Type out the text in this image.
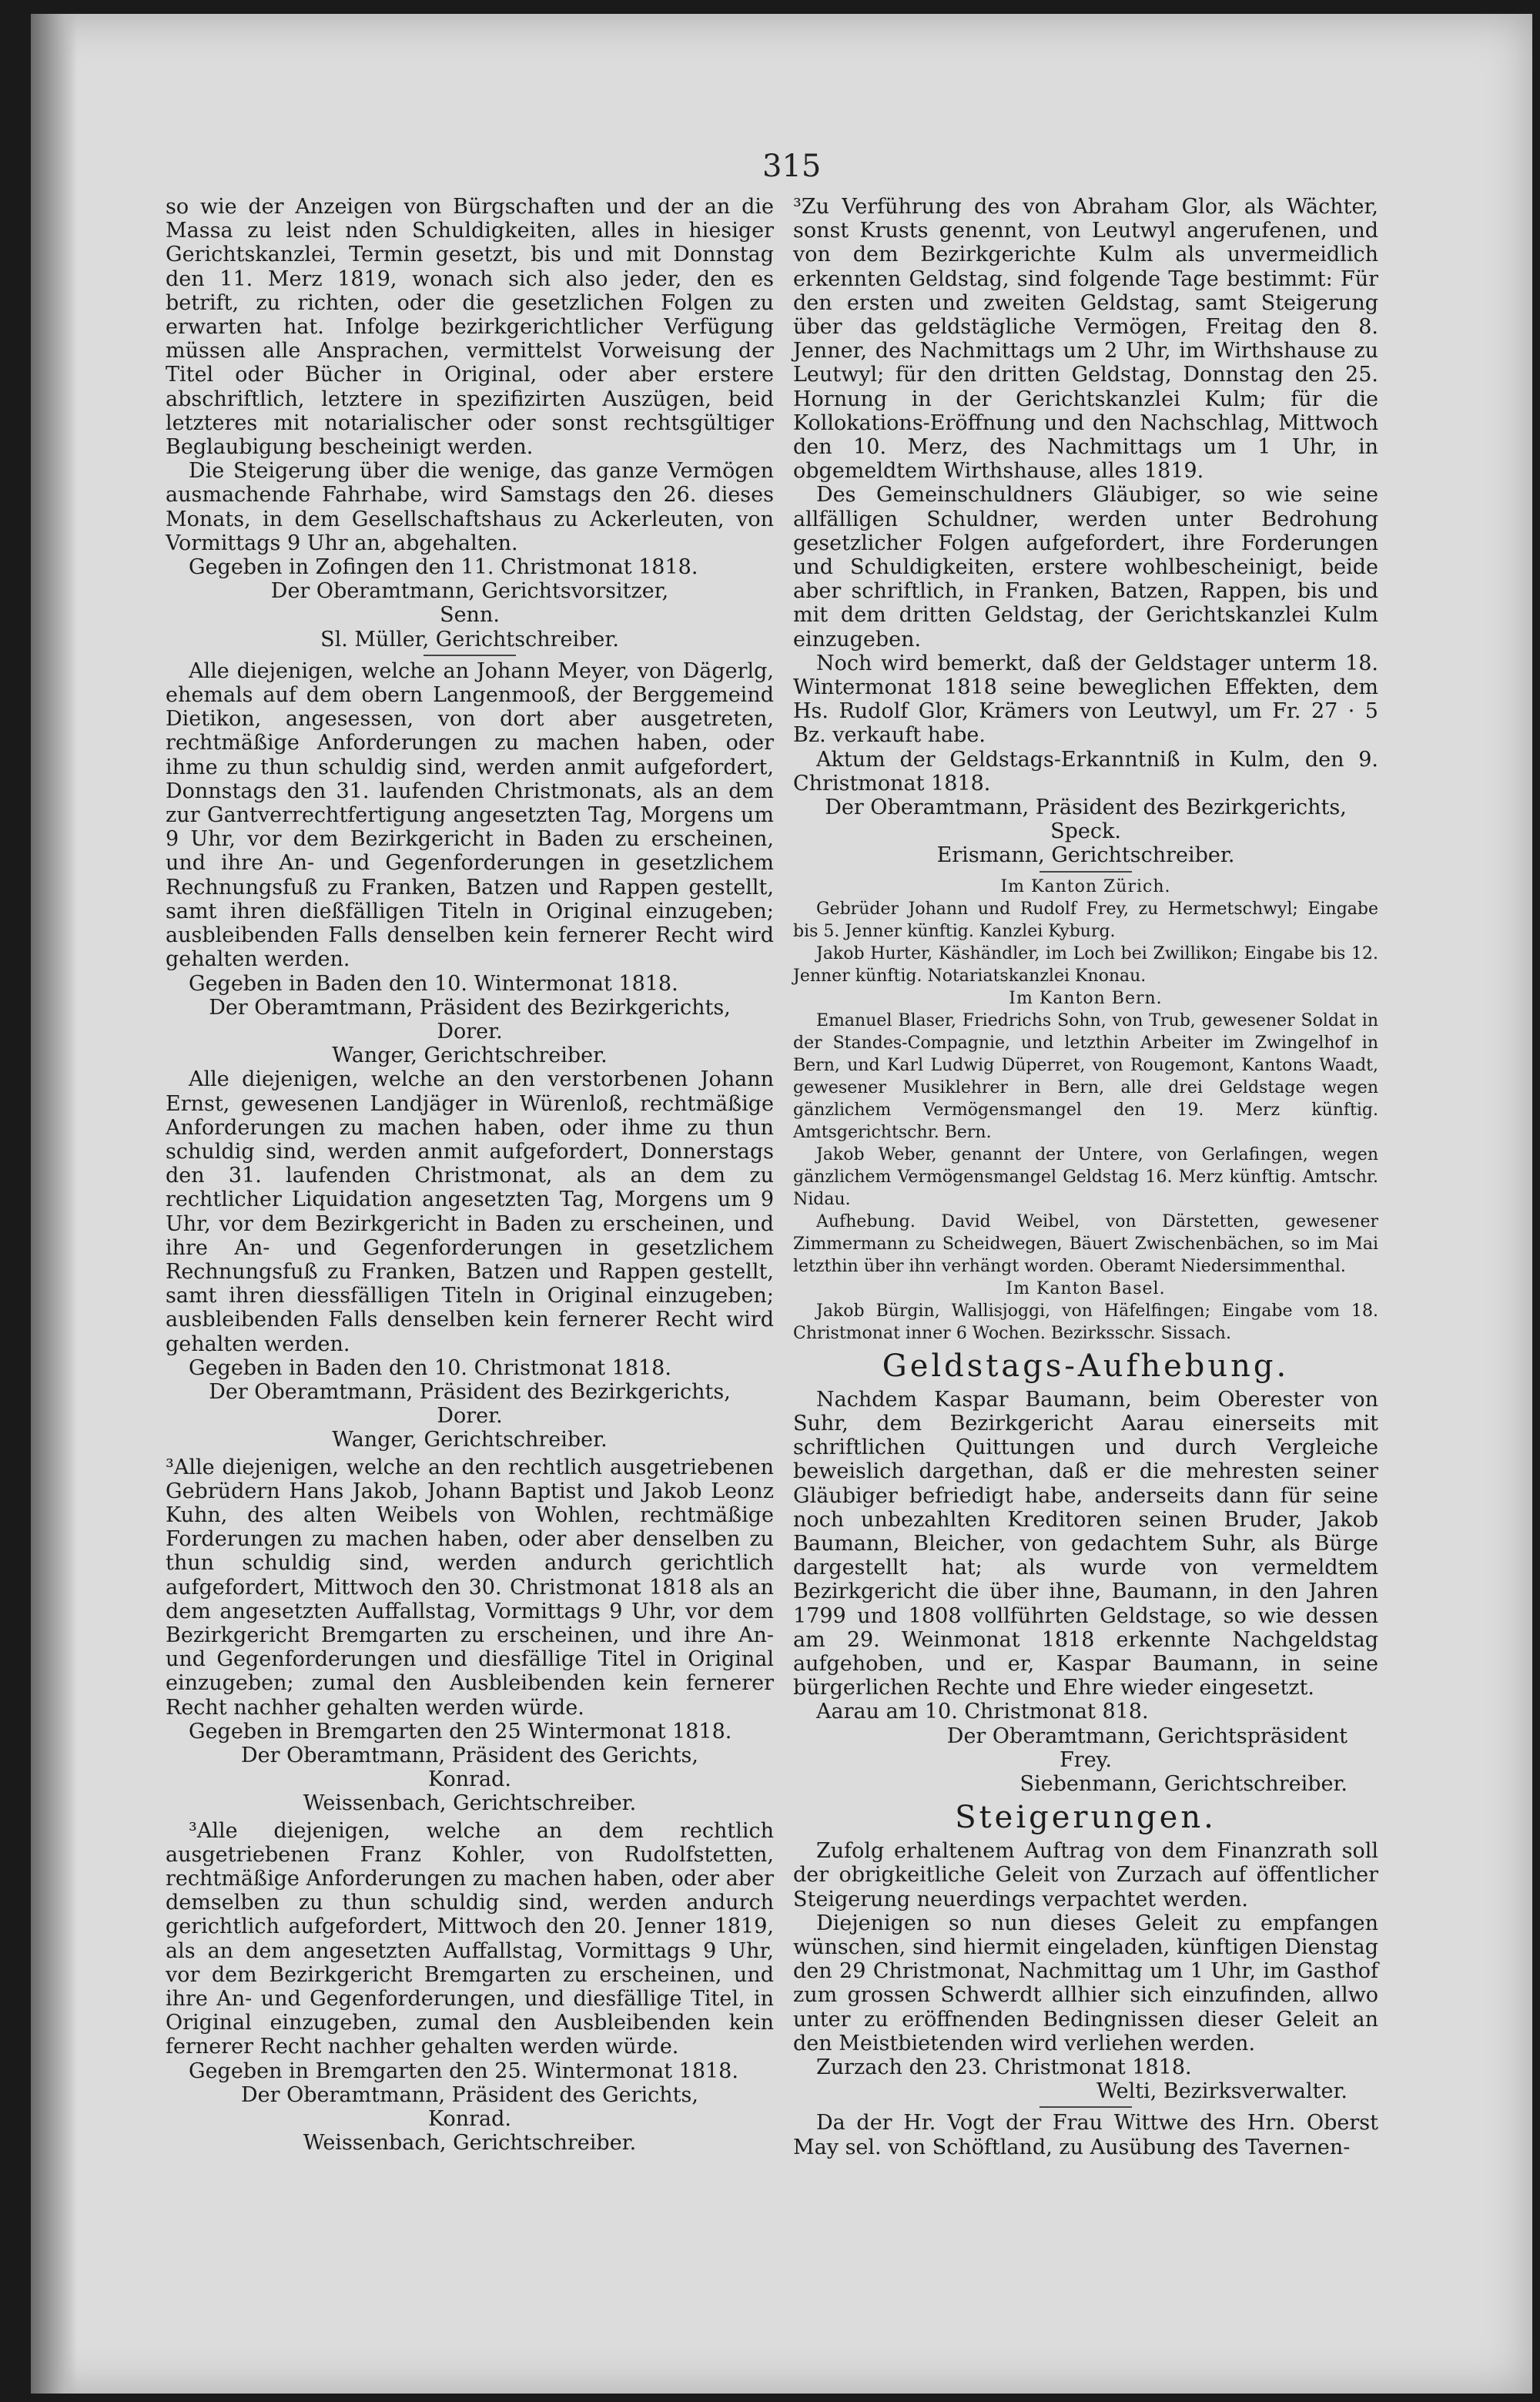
315

so wie der Anzeigen von Bürgschaften und der an die Massa zu leist nden Schuldigkeiten, alles in hiesiger Gerichtskanzlei, Termin gesetzt, bis und mit Donnstag den 11. Merz 1819, wonach sich also jeder, den es betrift, zu richten, oder die gesetzlichen Folgen zu erwarten hat. Infolge bezirkgerichtlicher Verfügung müssen alle Ansprachen, vermittelst Vorweisung der Titel oder Bücher in Original, oder aber erstere abschriftlich, letztere in spezifizirten Auszügen, beid letzteres mit notarialischer oder sonst rechtsgültiger Beglaubigung bescheinigt werden.

Die Steigerung über die wenige, das ganze Vermögen ausmachende Fahrhabe, wird Samstags den 26. dieses Monats, in dem Gesellschaftshaus zu Ackerleuten, von Vormittags 9 Uhr an, abgehalten.

Gegeben in Zofingen den 11. Christmonat 1818.

Der Oberamtmann, Gerichtsvorsitzer,

Senn.

Sl. Müller, Gerichtschreiber.

Alle diejenigen, welche an Johann Meyer, von Dägerlg, ehemals auf dem obern Langenmooß, der Berggemeind Dietikon, angesessen, von dort aber ausgetreten, rechtmäßige Anforderungen zu machen haben, oder ihme zu thun schuldig sind, werden anmit aufgefordert, Donnstags den 31. laufenden Christmonats, als an dem zur Gantverrechtfertigung angesetzten Tag, Morgens um 9 Uhr, vor dem Bezirkgericht in Baden zu erscheinen, und ihre An- und Gegenforderungen in gesetzlichem Rechnungsfuß zu Franken, Batzen und Rappen gestellt, samt ihren dießfälligen Titeln in Original einzugeben; ausbleibenden Falls denselben kein fernerer Recht wird gehalten werden.

Gegeben in Baden den 10. Wintermonat 1818.

Der Oberamtmann, Präsident des Bezirkgerichts,

Dorer.

Wanger, Gerichtschreiber.

Alle diejenigen, welche an den verstorbenen Johann Ernst, gewesenen Landjäger in Würenloß, rechtmäßige Anforderungen zu machen haben, oder ihme zu thun schuldig sind, werden anmit aufgefordert, Donnerstags den 31. laufenden Christmonat, als an dem zu rechtlicher Liquidation angesetzten Tag, Morgens um 9 Uhr, vor dem Bezirkgericht in Baden zu erscheinen, und ihre An- und Gegenforderungen in gesetzlichem Rechnungsfuß zu Franken, Batzen und Rappen gestellt, samt ihren diessfälligen Titeln in Original einzugeben; ausbleibenden Falls denselben kein fernerer Recht wird gehalten werden.

Gegeben in Baden den 10. Christmonat 1818.

Der Oberamtmann, Präsident des Bezirkgerichts,

Dorer.

Wanger, Gerichtschreiber.

³Alle diejenigen, welche an den rechtlich ausgetriebenen Gebrüdern Hans Jakob, Johann Baptist und Jakob Leonz Kuhn, des alten Weibels von Wohlen, rechtmäßige Forderungen zu machen haben, oder aber denselben zu thun schuldig sind, werden andurch gerichtlich aufgefordert, Mittwoch den 30. Christmonat 1818 als an dem angesetzten Auffallstag, Vormittags 9 Uhr, vor dem Bezirkgericht Bremgarten zu erscheinen, und ihre An- und Gegenforderungen und diesfällige Titel in Original einzugeben; zumal den Ausbleibenden kein fernerer Recht nachher gehalten werden würde.

Gegeben in Bremgarten den 25 Wintermonat 1818.

Der Oberamtmann, Präsident des Gerichts,

Konrad.

Weissenbach, Gerichtschreiber.

³Alle diejenigen, welche an dem rechtlich ausgetriebenen Franz Kohler, von Rudolfstetten, rechtmäßige Anforderungen zu machen haben, oder aber demselben zu thun schuldig sind, werden andurch gerichtlich aufgefordert, Mittwoch den 20. Jenner 1819, als an dem angesetzten Auffallstag, Vormittags 9 Uhr, vor dem Bezirkgericht Bremgarten zu erscheinen, und ihre An- und Gegenforderungen, und diesfällige Titel, in Original einzugeben, zumal den Ausbleibenden kein fernerer Recht nachher gehalten werden würde.

Gegeben in Bremgarten den 25. Wintermonat 1818.

Der Oberamtmann, Präsident des Gerichts,

Konrad.

Weissenbach, Gerichtschreiber.

³Zu Verführung des von Abraham Glor, als Wächter, sonst Krusts genennt, von Leutwyl angerufenen, und von dem Bezirkgerichte Kulm als unvermeidlich erkennten Geldstag, sind folgende Tage bestimmt: Für den ersten und zweiten Geldstag, samt Steigerung über das geldstägliche Vermögen, Freitag den 8. Jenner, des Nachmittags um 2 Uhr, im Wirthshause zu Leutwyl; für den dritten Geldstag, Donnstag den 25. Hornung in der Gerichtskanzlei Kulm; für die Kollokations-Eröffnung und den Nachschlag, Mittwoch den 10. Merz, des Nachmittags um 1 Uhr, in obgemeldtem Wirthshause, alles 1819.

Des Gemeinschuldners Gläubiger, so wie seine allfälligen Schuldner, werden unter Bedrohung gesetzlicher Folgen aufgefordert, ihre Forderungen und Schuldigkeiten, erstere wohlbescheinigt, beide aber schriftlich, in Franken, Batzen, Rappen, bis und mit dem dritten Geldstag, der Gerichtskanzlei Kulm einzugeben.

Noch wird bemerkt, daß der Geldstager unterm 18. Wintermonat 1818 seine beweglichen Effekten, dem Hs. Rudolf Glor, Krämers von Leutwyl, um Fr. 27 · 5 Bz. verkauft habe.

Aktum der Geldstags-Erkanntniß in Kulm, den 9. Christmonat 1818.

Der Oberamtmann, Präsident des Bezirkgerichts,

Speck.

Erismann, Gerichtschreiber.

Im Kanton Zürich.

Gebrüder Johann und Rudolf Frey, zu Hermetschwyl; Eingabe bis 5. Jenner künftig. Kanzlei Kyburg.

Jakob Hurter, Käshändler, im Loch bei Zwillikon; Eingabe bis 12. Jenner künftig. Notariatskanzlei Knonau.

Im Kanton Bern.

Emanuel Blaser, Friedrichs Sohn, von Trub, gewesener Soldat in der Standes-Compagnie, und letzthin Arbeiter im Zwingelhof in Bern, und Karl Ludwig Düperret, von Rougemont, Kantons Waadt, gewesener Musiklehrer in Bern, alle drei Geldstage wegen gänzlichem Vermögensmangel den 19. Merz künftig. Amtsgerichtschr. Bern.

Jakob Weber, genannt der Untere, von Gerlafingen, wegen gänzlichem Vermögensmangel Geldstag 16. Merz künftig. Amtschr. Nidau.

Aufhebung. David Weibel, von Därstetten, gewesener Zimmermann zu Scheidwegen, Bäuert Zwischenbächen, so im Mai letzthin über ihn verhängt worden. Oberamt Niedersimmenthal.

Im Kanton Basel.

Jakob Bürgin, Wallisjoggi, von Häfelfingen; Eingabe vom 18. Christmonat inner 6 Wochen. Bezirksschr. Sissach.

Geldstags-Aufhebung.

Nachdem Kaspar Baumann, beim Oberester von Suhr, dem Bezirkgericht Aarau einerseits mit schriftlichen Quittungen und durch Vergleiche beweislich dargethan, daß er die mehresten seiner Gläubiger befriedigt habe, anderseits dann für seine noch unbezahlten Kreditoren seinen Bruder, Jakob Baumann, Bleicher, von gedachtem Suhr, als Bürge dargestellt hat; als wurde von vermeldtem Bezirkgericht die über ihne, Baumann, in den Jahren 1799 und 1808 vollführten Geldstage, so wie dessen am 29. Weinmonat 1818 erkennte Nachgeldstag aufgehoben, und er, Kaspar Baumann, in seine bürgerlichen Rechte und Ehre wieder eingesetzt.

Aarau am 10. Christmonat 818.

Der Oberamtmann, Gerichtspräsident

Frey.

Siebenmann, Gerichtschreiber.

Steigerungen.

Zufolg erhaltenem Auftrag von dem Finanzrath soll der obrigkeitliche Geleit von Zurzach auf öffentlicher Steigerung neuerdings verpachtet werden.

Diejenigen so nun dieses Geleit zu empfangen wünschen, sind hiermit eingeladen, künftigen Dienstag den 29 Christmonat, Nachmittag um 1 Uhr, im Gasthof zum grossen Schwerdt allhier sich einzufinden, allwo unter zu eröffnenden Bedingnissen dieser Geleit an den Meistbietenden wird verliehen werden.

Zurzach den 23. Christmonat 1818.

Welti, Bezirksverwalter.

Da der Hr. Vogt der Frau Wittwe des Hrn. Oberst May sel. von Schöftland, zu Ausübung des Tavernen-
